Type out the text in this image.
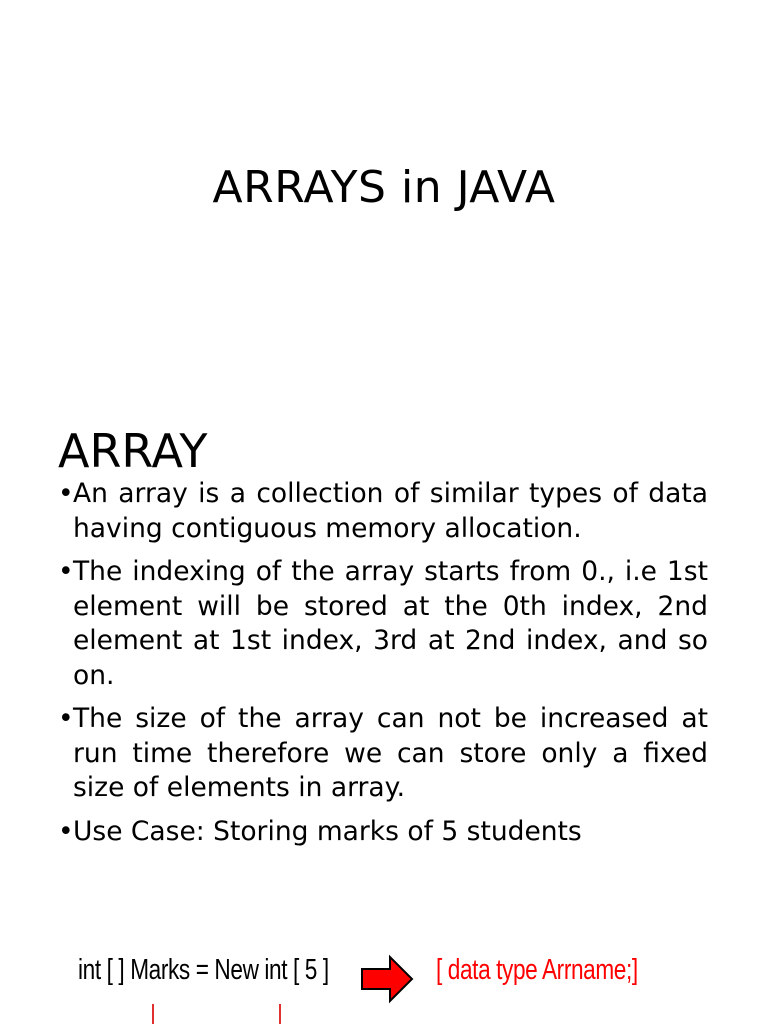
ARRAYS in JAVA
ARRAY
• An array is a collection of similar types of data having contiguous memory allocation.
• The indexing of the array starts from 0., i.e 1st element will be stored at the 0th index, 2nd element at 1st index, 3rd at 2nd index, and so on.
• The size of the array can not be increased at run time therefore we can store only a fixed size of elements in array.
• Use Case: Storing marks of 5 students
int [ ] Marks = New int [ 5 ]	[ data type Arrname;]
